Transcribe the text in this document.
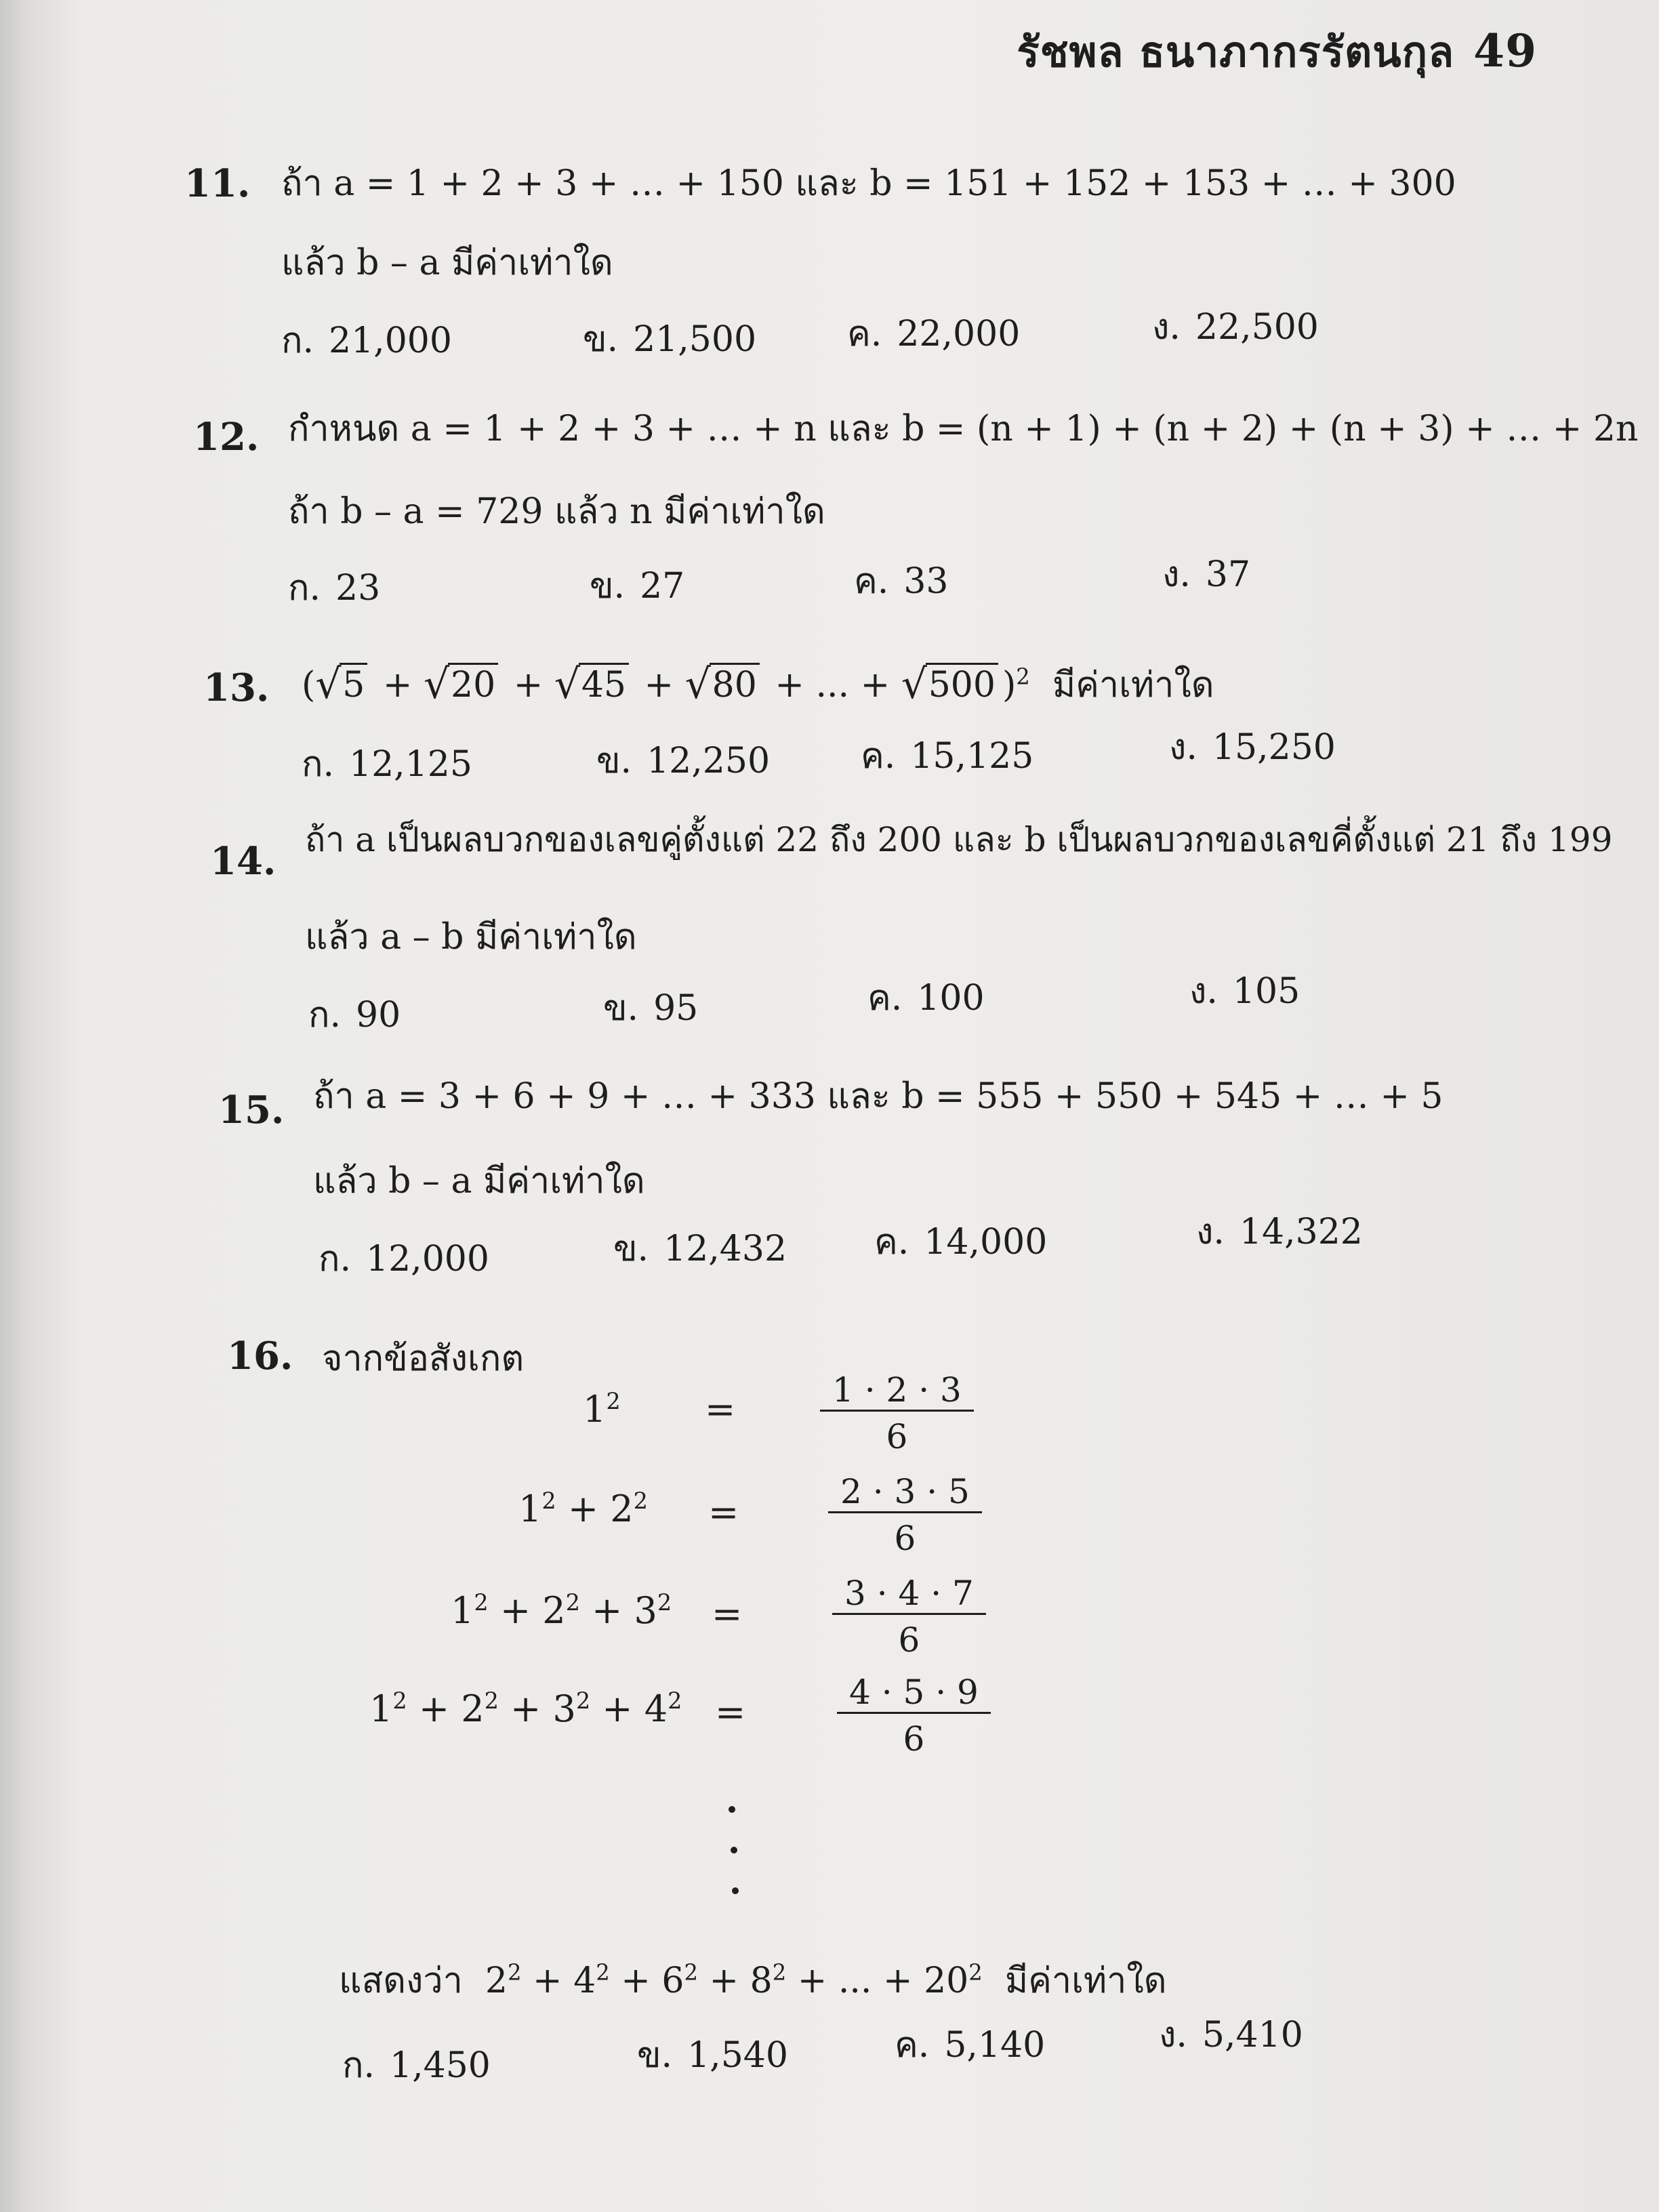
รัชพล ธนาภากรรัตนกุล 49
11. ถ้า a = 1 + 2 + 3 + … + 150 และ b = 151 + 152 + 153 + … + 300
แล้ว b – a มีค่าเท่าใด
ก. 21,000	ข. 21,500	ค. 22,000	ง. 22,500
12. กำหนด a = 1 + 2 + 3 + … + n และ b = (n + 1) + (n + 2) + (n + 3) + … + 2n
ถ้า b – a = 729 แล้ว n มีค่าเท่าใด
ก. 23	ข. 27	ค. 33	ง. 37
13. ( √ 5 + √ 20 + √ 45 + √ 80 + ... + √ 500 )$^2$ มีค่าเท่าใด
ก. 12,125	ข. 12,250	ค. 15,125	ง. 15,250
14. ถ้า a เป็นผลบวกของเลขคู่ตั้งแต่ 22 ถึง 200 และ b เป็นผลบวกของเลขคี่ตั้งแต่ 21 ถึง 199
แล้ว a – b มีค่าเท่าใด
ก. 90	ข. 95	ค. 100	ง. 105
15. ถ้า a = 3 + 6 + 9 + … + 333 และ b = 555 + 550 + 545 + … + 5
แล้ว b – a มีค่าเท่าใด
ก. 12,000	ข. 12,432 ค. 14,000	ง. 14,322
16. จากข้อสังเกต
$1^2 = \frac{1 \cdot 2 \cdot 3}{6}$
$1^2 + 2^2$ =	$\frac{2 \cdot 3 \cdot 5}{6}$
$1^2 + 2^2 + 3^2$ =	$\frac{3 \cdot 4 \cdot 7}{6}$
$1^2 + 2^2 + 3^2 + 4^2$ =	$\frac{4 \cdot 5 \cdot 9}{6}$
แสดงว่า $2^2 + 4^2 + 6^2 + 8^2$ + ... + $20^2$ มีค่าเท่าใด
ก. 1,450	ข. 1,540	ค. 5,140	ง. 5,410
